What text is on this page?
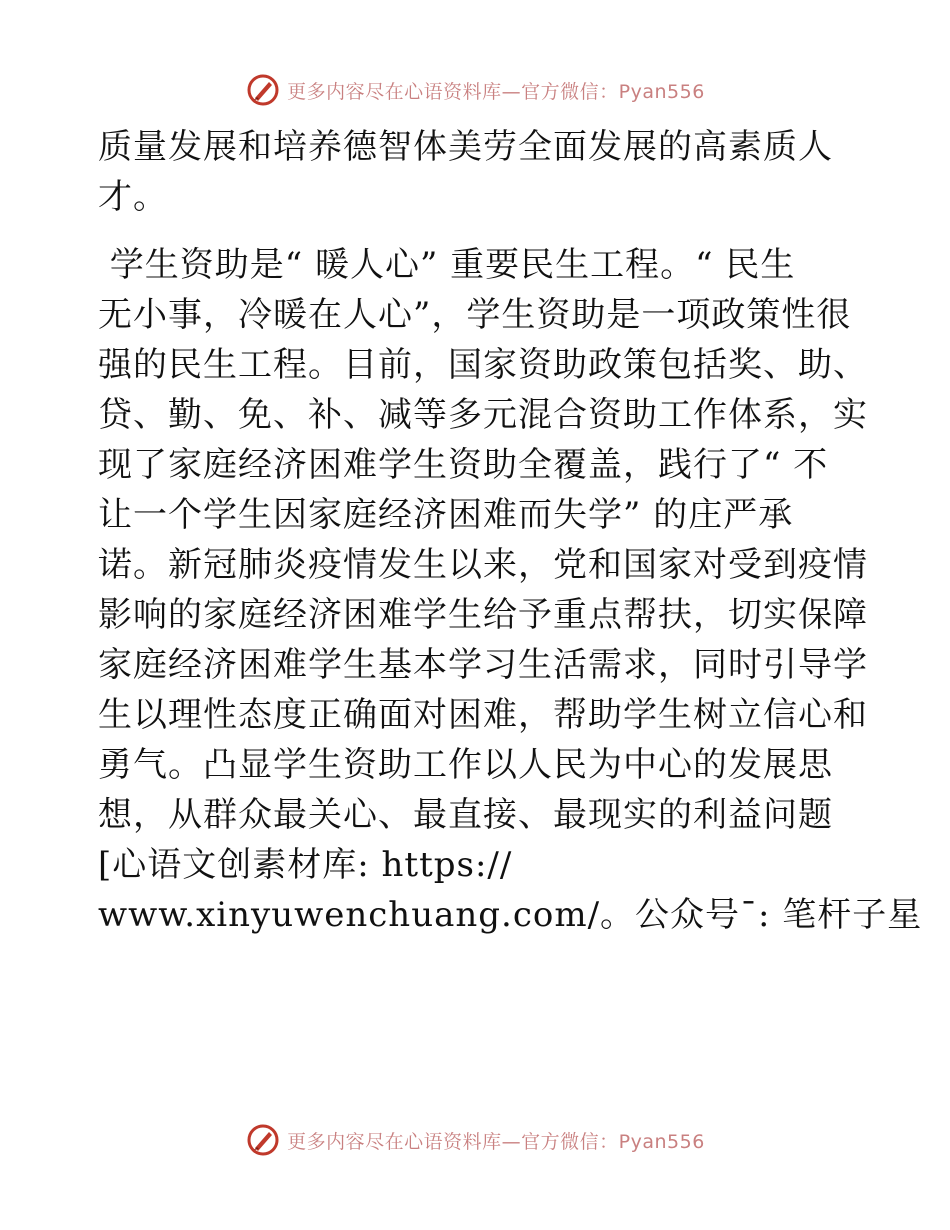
更多内容尽在心语资料库—官方微信：Pyan556
质量发展和培养德智体美劳全面发展的高素质人
才。
学生资助是“ 暖人心” 重要民生工程。“ 民生
无小事，冷暖在人心”，学生资助是一项政策性很
强的民生工程。目前，国家资助政策包括奖、助、
贷、勤、免、补、减等多元混合资助工作体系，实
现了家庭经济困难学生资助全覆盖，践行了“ 不
让一个学生因家庭经济困难而失学” 的庄严承
诺。新冠肺炎疫情发生以来，党和国家对受到疫情
影响的家庭经济困难学生给予重点帮扶，切实保障
家庭经济困难学生基本学习生活需求，同时引导学
生以理性态度正确面对困难，帮助学生树立信心和
勇气。凸显学生资助工作以人民为中心的发展思
想，从群众最关心、最直接、最现实的利益问题
[心语文创素材库: https://
www.xinyuwenchuang.com/。公众号¯: 笔杆子星
更多内容尽在心语资料库—官方微信：Pyan556
